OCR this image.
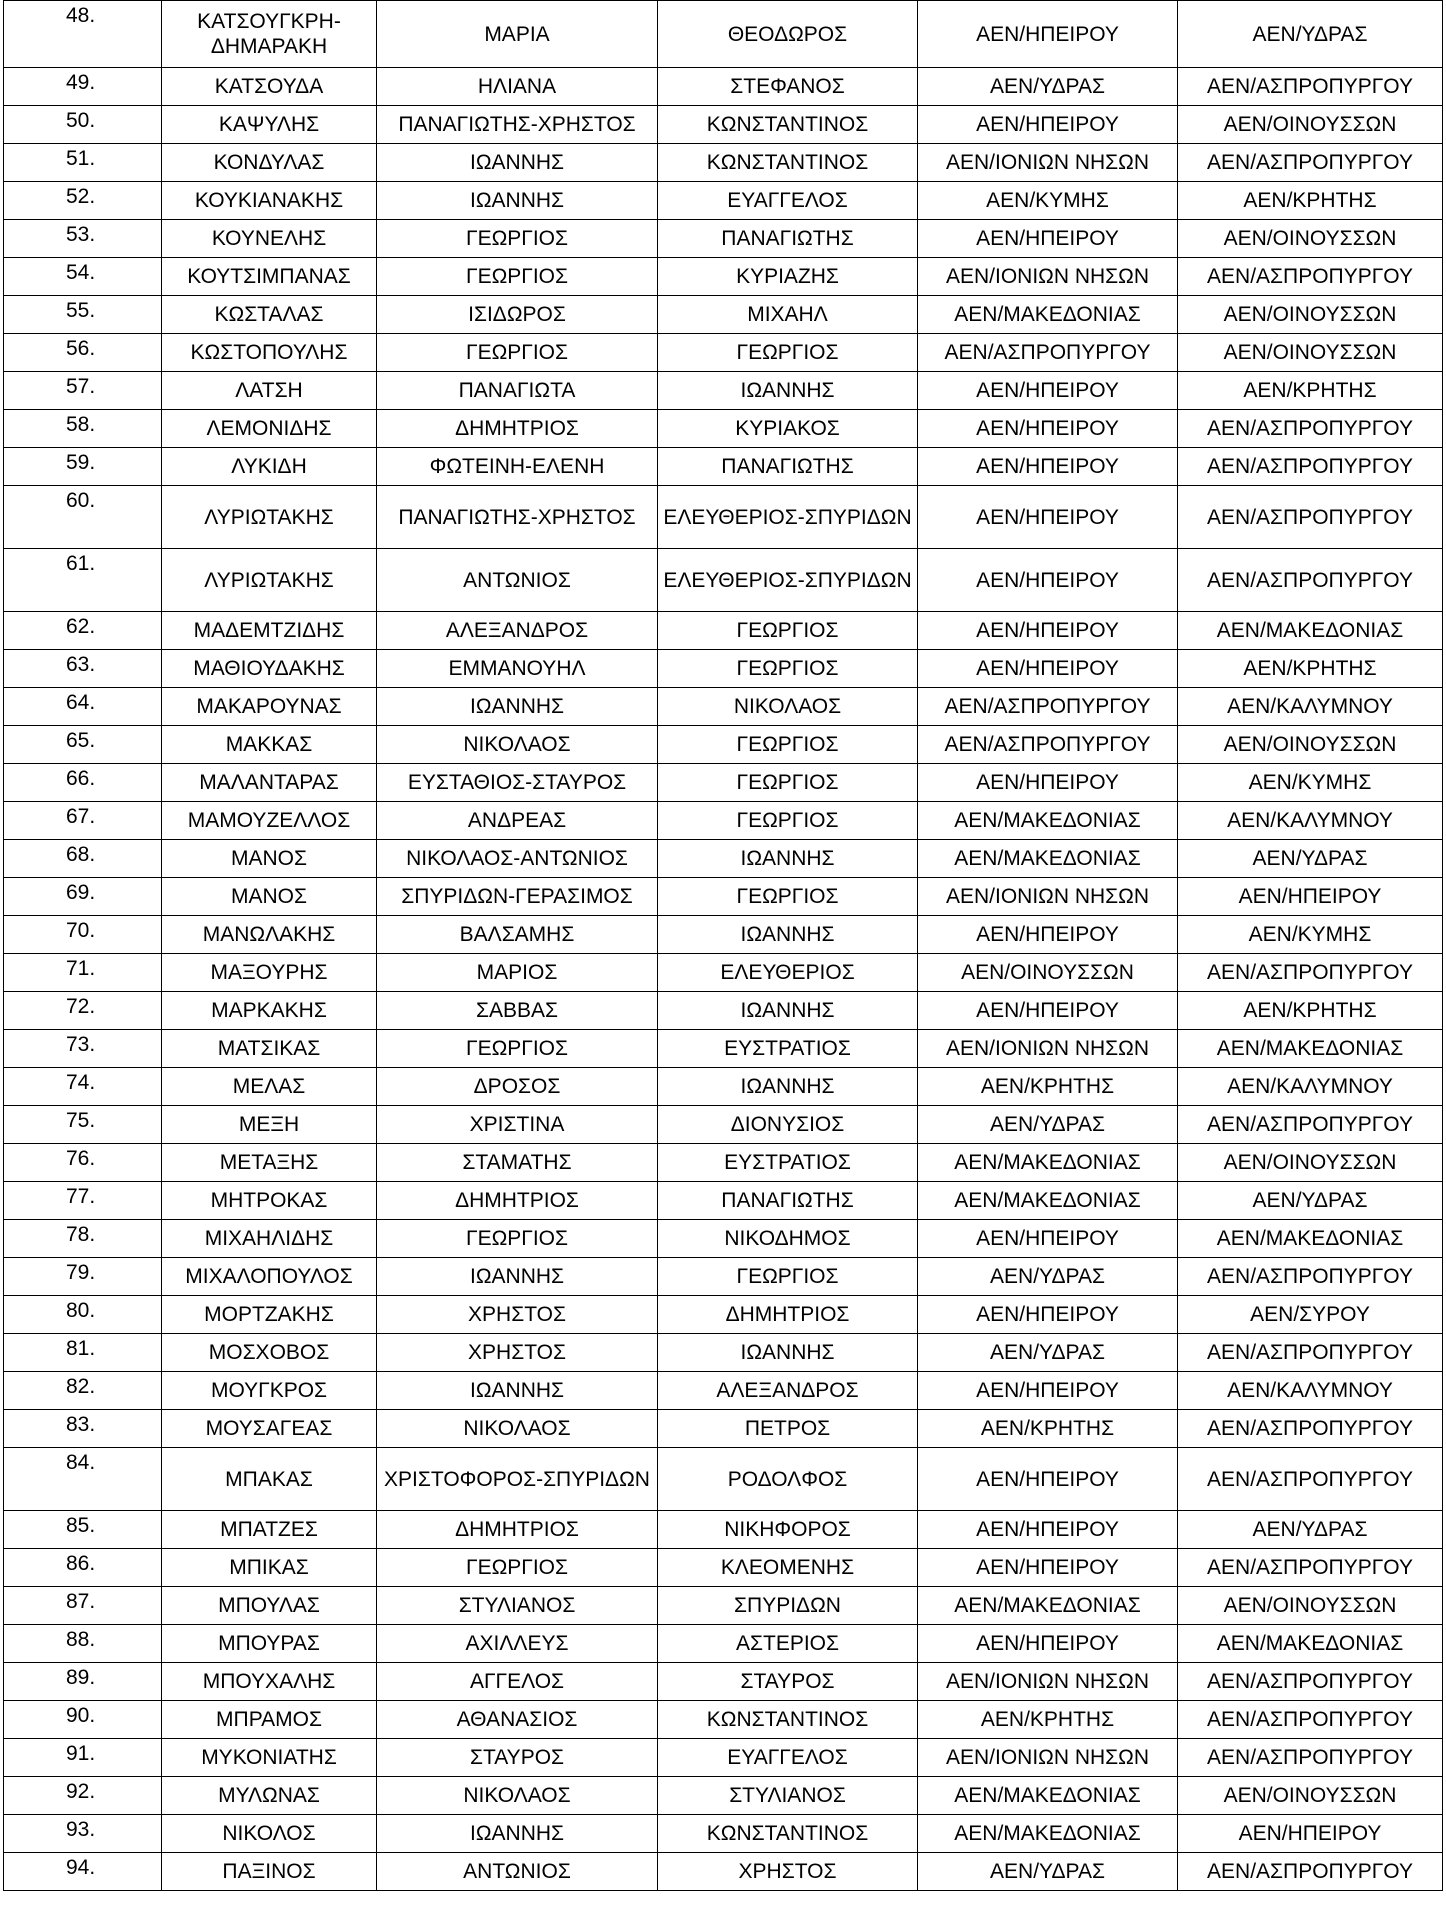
48.	ΚΑΤΣΟΥΓΚΡΗ-ΔΗΜΑΡΑΚΗ	ΜΑΡΙΑ	ΘΕΟΔΩΡΟΣ	ΑΕΝ/ΗΠΕΙΡΟΥ	ΑΕΝ/ΥΔΡΑΣ
49.	ΚΑΤΣΟΥΔΑ	ΗΛΙΑΝΑ	ΣΤΕΦΑΝΟΣ	ΑΕΝ/ΥΔΡΑΣ	ΑΕΝ/ΑΣΠΡΟΠΥΡΓΟΥ
50.	ΚΑΨΥΛΗΣ	ΠΑΝΑΓΙΩΤΗΣ-ΧΡΗΣΤΟΣ	ΚΩΝΣΤΑΝΤΙΝΟΣ	ΑΕΝ/ΗΠΕΙΡΟΥ	ΑΕΝ/ΟΙΝΟΥΣΣΩΝ
51.	ΚΟΝΔΥΛΑΣ	ΙΩΑΝΝΗΣ	ΚΩΝΣΤΑΝΤΙΝΟΣ	ΑΕΝ/ΙΟΝΙΩΝ ΝΗΣΩΝ	ΑΕΝ/ΑΣΠΡΟΠΥΡΓΟΥ
52.	ΚΟΥΚΙΑΝΑΚΗΣ	ΙΩΑΝΝΗΣ	ΕΥΑΓΓΕΛΟΣ	ΑΕΝ/ΚΥΜΗΣ	ΑΕΝ/ΚΡΗΤΗΣ
53.	ΚΟΥΝΕΛΗΣ	ΓΕΩΡΓΙΟΣ	ΠΑΝΑΓΙΩΤΗΣ	ΑΕΝ/ΗΠΕΙΡΟΥ	ΑΕΝ/ΟΙΝΟΥΣΣΩΝ
54.	ΚΟΥΤΣΙΜΠΑΝΑΣ	ΓΕΩΡΓΙΟΣ	ΚΥΡΙΑΖΗΣ	ΑΕΝ/ΙΟΝΙΩΝ ΝΗΣΩΝ	ΑΕΝ/ΑΣΠΡΟΠΥΡΓΟΥ
55.	ΚΩΣΤΑΛΑΣ	ΙΣΙΔΩΡΟΣ	ΜΙΧΑΗΛ	ΑΕΝ/ΜΑΚΕΔΟΝΙΑΣ	ΑΕΝ/ΟΙΝΟΥΣΣΩΝ
56.	ΚΩΣΤΟΠΟΥΛΗΣ	ΓΕΩΡΓΙΟΣ	ΓΕΩΡΓΙΟΣ	ΑΕΝ/ΑΣΠΡΟΠΥΡΓΟΥ	ΑΕΝ/ΟΙΝΟΥΣΣΩΝ
57.	ΛΑΤΣΗ	ΠΑΝΑΓΙΩΤΑ	ΙΩΑΝΝΗΣ	ΑΕΝ/ΗΠΕΙΡΟΥ	ΑΕΝ/ΚΡΗΤΗΣ
58.	ΛΕΜΟΝΙΔΗΣ	ΔΗΜΗΤΡΙΟΣ	ΚΥΡΙΑΚΟΣ	ΑΕΝ/ΗΠΕΙΡΟΥ	ΑΕΝ/ΑΣΠΡΟΠΥΡΓΟΥ
59.	ΛΥΚΙΔΗ	ΦΩΤΕΙΝΗ-ΕΛΕΝΗ	ΠΑΝΑΓΙΩΤΗΣ	ΑΕΝ/ΗΠΕΙΡΟΥ	ΑΕΝ/ΑΣΠΡΟΠΥΡΓΟΥ
60.	ΛΥΡΙΩΤΑΚΗΣ	ΠΑΝΑΓΙΩΤΗΣ-ΧΡΗΣΤΟΣ	ΕΛΕΥΘΕΡΙΟΣ-ΣΠΥΡΙΔΩΝ	ΑΕΝ/ΗΠΕΙΡΟΥ	ΑΕΝ/ΑΣΠΡΟΠΥΡΓΟΥ
61.	ΛΥΡΙΩΤΑΚΗΣ	ΑΝΤΩΝΙΟΣ	ΕΛΕΥΘΕΡΙΟΣ-ΣΠΥΡΙΔΩΝ	ΑΕΝ/ΗΠΕΙΡΟΥ	ΑΕΝ/ΑΣΠΡΟΠΥΡΓΟΥ
62.	ΜΑΔΕΜΤΖΙΔΗΣ	ΑΛΕΞΑΝΔΡΟΣ	ΓΕΩΡΓΙΟΣ	ΑΕΝ/ΗΠΕΙΡΟΥ	ΑΕΝ/ΜΑΚΕΔΟΝΙΑΣ
63.	ΜΑΘΙΟΥΔΑΚΗΣ	ΕΜΜΑΝΟΥΗΛ	ΓΕΩΡΓΙΟΣ	ΑΕΝ/ΗΠΕΙΡΟΥ	ΑΕΝ/ΚΡΗΤΗΣ
64.	ΜΑΚΑΡΟΥΝΑΣ	ΙΩΑΝΝΗΣ	ΝΙΚΟΛΑΟΣ	ΑΕΝ/ΑΣΠΡΟΠΥΡΓΟΥ	ΑΕΝ/ΚΑΛΥΜΝΟΥ
65.	ΜΑΚΚΑΣ	ΝΙΚΟΛΑΟΣ	ΓΕΩΡΓΙΟΣ	ΑΕΝ/ΑΣΠΡΟΠΥΡΓΟΥ	ΑΕΝ/ΟΙΝΟΥΣΣΩΝ
66.	ΜΑΛΑΝΤΑΡΑΣ	ΕΥΣΤΑΘΙΟΣ-ΣΤΑΥΡΟΣ	ΓΕΩΡΓΙΟΣ	ΑΕΝ/ΗΠΕΙΡΟΥ	ΑΕΝ/ΚΥΜΗΣ
67.	ΜΑΜΟΥΖΕΛΛΟΣ	ΑΝΔΡΕΑΣ	ΓΕΩΡΓΙΟΣ	ΑΕΝ/ΜΑΚΕΔΟΝΙΑΣ	ΑΕΝ/ΚΑΛΥΜΝΟΥ
68.	ΜΑΝΟΣ	ΝΙΚΟΛΑΟΣ-ΑΝΤΩΝΙΟΣ	ΙΩΑΝΝΗΣ	ΑΕΝ/ΜΑΚΕΔΟΝΙΑΣ	ΑΕΝ/ΥΔΡΑΣ
69.	ΜΑΝΟΣ	ΣΠΥΡΙΔΩΝ-ΓΕΡΑΣΙΜΟΣ	ΓΕΩΡΓΙΟΣ	ΑΕΝ/ΙΟΝΙΩΝ ΝΗΣΩΝ	ΑΕΝ/ΗΠΕΙΡΟΥ
70.	ΜΑΝΩΛΑΚΗΣ	ΒΑΛΣΑΜΗΣ	ΙΩΑΝΝΗΣ	ΑΕΝ/ΗΠΕΙΡΟΥ	ΑΕΝ/ΚΥΜΗΣ
71.	ΜΑΞΟΥΡΗΣ	ΜΑΡΙΟΣ	ΕΛΕΥΘΕΡΙΟΣ	ΑΕΝ/ΟΙΝΟΥΣΣΩΝ	ΑΕΝ/ΑΣΠΡΟΠΥΡΓΟΥ
72.	ΜΑΡΚΑΚΗΣ	ΣΑΒΒΑΣ	ΙΩΑΝΝΗΣ	ΑΕΝ/ΗΠΕΙΡΟΥ	ΑΕΝ/ΚΡΗΤΗΣ
73.	ΜΑΤΣΙΚΑΣ	ΓΕΩΡΓΙΟΣ	ΕΥΣΤΡΑΤΙΟΣ	ΑΕΝ/ΙΟΝΙΩΝ ΝΗΣΩΝ	ΑΕΝ/ΜΑΚΕΔΟΝΙΑΣ
74.	ΜΕΛΑΣ	ΔΡΟΣΟΣ	ΙΩΑΝΝΗΣ	ΑΕΝ/ΚΡΗΤΗΣ	ΑΕΝ/ΚΑΛΥΜΝΟΥ
75.	ΜΕΞΗ	ΧΡΙΣΤΙΝΑ	ΔΙΟΝΥΣΙΟΣ	ΑΕΝ/ΥΔΡΑΣ	ΑΕΝ/ΑΣΠΡΟΠΥΡΓΟΥ
76.	ΜΕΤΑΞΗΣ	ΣΤΑΜΑΤΗΣ	ΕΥΣΤΡΑΤΙΟΣ	ΑΕΝ/ΜΑΚΕΔΟΝΙΑΣ	ΑΕΝ/ΟΙΝΟΥΣΣΩΝ
77.	ΜΗΤΡΟΚΑΣ	ΔΗΜΗΤΡΙΟΣ	ΠΑΝΑΓΙΩΤΗΣ	ΑΕΝ/ΜΑΚΕΔΟΝΙΑΣ	ΑΕΝ/ΥΔΡΑΣ
78.	ΜΙΧΑΗΛΙΔΗΣ	ΓΕΩΡΓΙΟΣ	ΝΙΚΟΔΗΜΟΣ	ΑΕΝ/ΗΠΕΙΡΟΥ	ΑΕΝ/ΜΑΚΕΔΟΝΙΑΣ
79.	ΜΙΧΑΛΟΠΟΥΛΟΣ	ΙΩΑΝΝΗΣ	ΓΕΩΡΓΙΟΣ	ΑΕΝ/ΥΔΡΑΣ	ΑΕΝ/ΑΣΠΡΟΠΥΡΓΟΥ
80.	ΜΟΡΤΖΑΚΗΣ	ΧΡΗΣΤΟΣ	ΔΗΜΗΤΡΙΟΣ	ΑΕΝ/ΗΠΕΙΡΟΥ	ΑΕΝ/ΣΥΡΟΥ
81.	ΜΟΣΧΟΒΟΣ	ΧΡΗΣΤΟΣ	ΙΩΑΝΝΗΣ	ΑΕΝ/ΥΔΡΑΣ	ΑΕΝ/ΑΣΠΡΟΠΥΡΓΟΥ
82.	ΜΟΥΓΚΡΟΣ	ΙΩΑΝΝΗΣ	ΑΛΕΞΑΝΔΡΟΣ	ΑΕΝ/ΗΠΕΙΡΟΥ	ΑΕΝ/ΚΑΛΥΜΝΟΥ
83.	ΜΟΥΣΑΓΕΑΣ	ΝΙΚΟΛΑΟΣ	ΠΕΤΡΟΣ	ΑΕΝ/ΚΡΗΤΗΣ	ΑΕΝ/ΑΣΠΡΟΠΥΡΓΟΥ
84.	ΜΠΑΚΑΣ	ΧΡΙΣΤΟΦΟΡΟΣ-ΣΠΥΡΙΔΩΝ	ΡΟΔΟΛΦΟΣ	ΑΕΝ/ΗΠΕΙΡΟΥ	ΑΕΝ/ΑΣΠΡΟΠΥΡΓΟΥ
85.	ΜΠΑΤΖΕΣ	ΔΗΜΗΤΡΙΟΣ	ΝΙΚΗΦΟΡΟΣ	ΑΕΝ/ΗΠΕΙΡΟΥ	ΑΕΝ/ΥΔΡΑΣ
86.	ΜΠΙΚΑΣ	ΓΕΩΡΓΙΟΣ	ΚΛΕΟΜΕΝΗΣ	ΑΕΝ/ΗΠΕΙΡΟΥ	ΑΕΝ/ΑΣΠΡΟΠΥΡΓΟΥ
87.	ΜΠΟΥΛΑΣ	ΣΤΥΛΙΑΝΟΣ	ΣΠΥΡΙΔΩΝ	ΑΕΝ/ΜΑΚΕΔΟΝΙΑΣ	ΑΕΝ/ΟΙΝΟΥΣΣΩΝ
88.	ΜΠΟΥΡΑΣ	ΑΧΙΛΛΕΥΣ	ΑΣΤΕΡΙΟΣ	ΑΕΝ/ΗΠΕΙΡΟΥ	ΑΕΝ/ΜΑΚΕΔΟΝΙΑΣ
89.	ΜΠΟΥΧΑΛΗΣ	ΑΓΓΕΛΟΣ	ΣΤΑΥΡΟΣ	ΑΕΝ/ΙΟΝΙΩΝ ΝΗΣΩΝ	ΑΕΝ/ΑΣΠΡΟΠΥΡΓΟΥ
90.	ΜΠΡΑΜΟΣ	ΑΘΑΝΑΣΙΟΣ	ΚΩΝΣΤΑΝΤΙΝΟΣ	ΑΕΝ/ΚΡΗΤΗΣ	ΑΕΝ/ΑΣΠΡΟΠΥΡΓΟΥ
91.	ΜΥΚΟΝΙΑΤΗΣ	ΣΤΑΥΡΟΣ	ΕΥΑΓΓΕΛΟΣ	ΑΕΝ/ΙΟΝΙΩΝ ΝΗΣΩΝ	ΑΕΝ/ΑΣΠΡΟΠΥΡΓΟΥ
92.	ΜΥΛΩΝΑΣ	ΝΙΚΟΛΑΟΣ	ΣΤΥΛΙΑΝΟΣ	ΑΕΝ/ΜΑΚΕΔΟΝΙΑΣ	ΑΕΝ/ΟΙΝΟΥΣΣΩΝ
93.	ΝΙΚΟΛΟΣ	ΙΩΑΝΝΗΣ	ΚΩΝΣΤΑΝΤΙΝΟΣ	ΑΕΝ/ΜΑΚΕΔΟΝΙΑΣ	ΑΕΝ/ΗΠΕΙΡΟΥ
94.	ΠΑΞΙΝΟΣ	ΑΝΤΩΝΙΟΣ	ΧΡΗΣΤΟΣ	ΑΕΝ/ΥΔΡΑΣ	ΑΕΝ/ΑΣΠΡΟΠΥΡΓΟΥ
